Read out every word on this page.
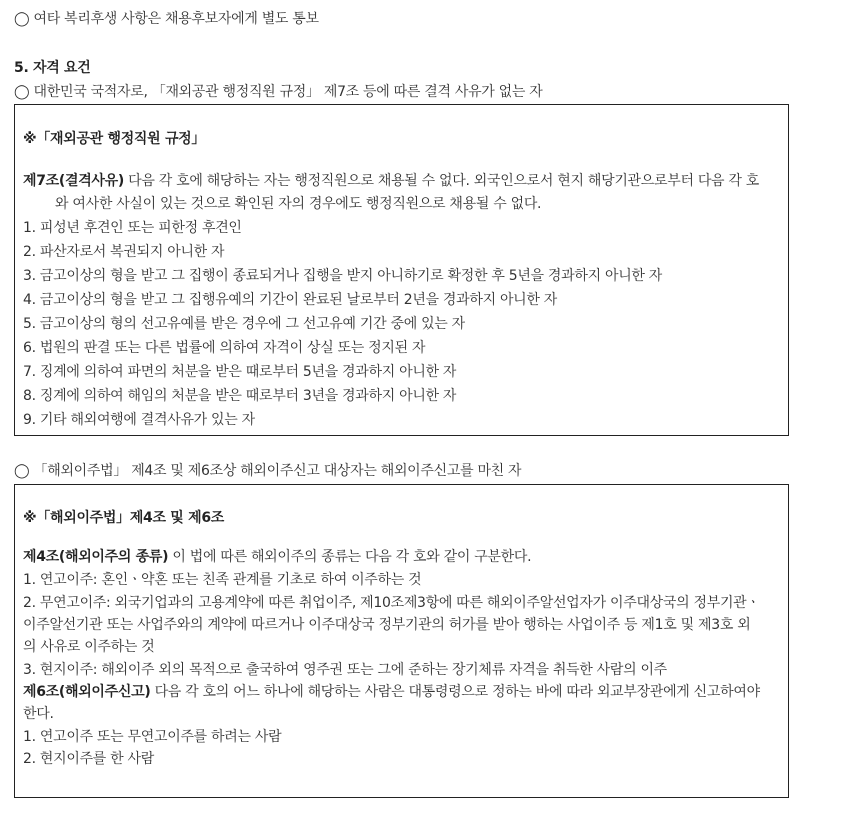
◯ 여타 복리후생 사항은 채용후보자에게 별도 통보
5. 자격 요건
◯ 대한민국 국적자로, 「재외공관 행정직원 규정」 제7조 등에 따른 결격 사유가 없는 자
※「재외공관 행정직원 규정」
제7조(결격사유) 다음 각 호에 해당하는 자는 행정직원으로 채용될 수 없다. 외국인으로서 현지 해당기관으로부터 다음 각 호
와 여사한 사실이 있는 것으로 확인된 자의 경우에도 행정직원으로 채용될 수 없다.
1. 피성년 후견인 또는 피한정 후견인
2. 파산자로서 복권되지 아니한 자
3. 금고이상의 형을 받고 그 집행이 종료되거나 집행을 받지 아니하기로 확정한 후 5년을 경과하지 아니한 자
4. 금고이상의 형을 받고 그 집행유예의 기간이 완료된 날로부터 2년을 경과하지 아니한 자
5. 금고이상의 형의 선고유예를 받은 경우에 그 선고유예 기간 중에 있는 자
6. 법원의 판결 또는 다른 법률에 의하여 자격이 상실 또는 정지된 자
7. 징계에 의하여 파면의 처분을 받은 때로부터 5년을 경과하지 아니한 자
8. 징계에 의하여 해임의 처분을 받은 때로부터 3년을 경과하지 아니한 자
9. 기타 해외여행에 결격사유가 있는 자
◯ 「해외이주법」 제4조 및 제6조상 해외이주신고 대상자는 해외이주신고를 마친 자
※「해외이주법」제4조 및 제6조
제4조(해외이주의 종류) 이 법에 따른 해외이주의 종류는 다음 각 호와 같이 구분한다.
1. 연고이주: 혼인ㆍ약혼 또는 친족 관계를 기초로 하여 이주하는 것
2. 무연고이주: 외국기업과의 고용계약에 따른 취업이주, 제10조제3항에 따른 해외이주알선업자가 이주대상국의 정부기관ㆍ
이주알선기관 또는 사업주와의 계약에 따르거나 이주대상국 정부기관의 허가를 받아 행하는 사업이주 등 제1호 및 제3호 외
의 사유로 이주하는 것
3. 현지이주: 해외이주 외의 목적으로 출국하여 영주권 또는 그에 준하는 장기체류 자격을 취득한 사람의 이주
제6조(해외이주신고) 다음 각 호의 어느 하나에 해당하는 사람은 대통령령으로 정하는 바에 따라 외교부장관에게 신고하여야
한다.
1. 연고이주 또는 무연고이주를 하려는 사람
2. 현지이주를 한 사람
